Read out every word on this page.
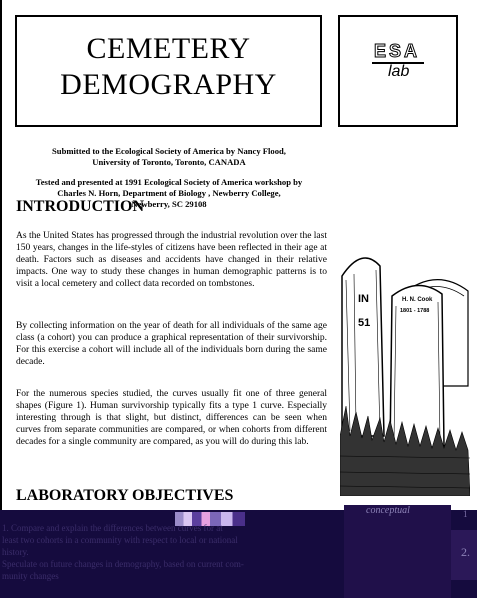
CEMETERY
DEMOGRAPHY
ESA
lab
Submitted to the Ecological Society of America by Nancy Flood,
University of Toronto, Toronto, CANADA
Tested and presented at 1991 Ecological Society of America workshop by
Charles N. Horn, Department of Biology , Newberry College,
Newberry, SC 29108
INTRODUCTION

As the United States has progressed through the industrial revolution over the last 150 years, changes in the life-styles of citizens have been reflected in their age at death. Factors such as diseases and accidents have changed in their relative impacts. One way to study these changes in human demographic patterns is to visit a local cemetery and collect data recorded on tombstones.

By collecting information on the year of death for all individuals of the same age class (a cohort) you can produce a graphical representation of their survivorship. For this exercise a cohort will include all of the individuals born during the same decade.

For the numerous species studied, the curves usually fit one of three general shapes (Figure 1). Human survivorship typically fits a type 1 curve. Especially interesting through is that slight, but distinct, differences can be seen when curves from separate communities are compared, or when cohorts from different decades for a single community are compared, as you will do during this lab.

IN
51
H. N. Cook
1801 - 1788
LABORATORY OBJECTIVES
1. Compare and explain the differences between curves for at
least two cohorts in a community with respect to local or national
history.
Speculate on future changes in demography, based on current com-
munity changes
conceptual	1
2.
